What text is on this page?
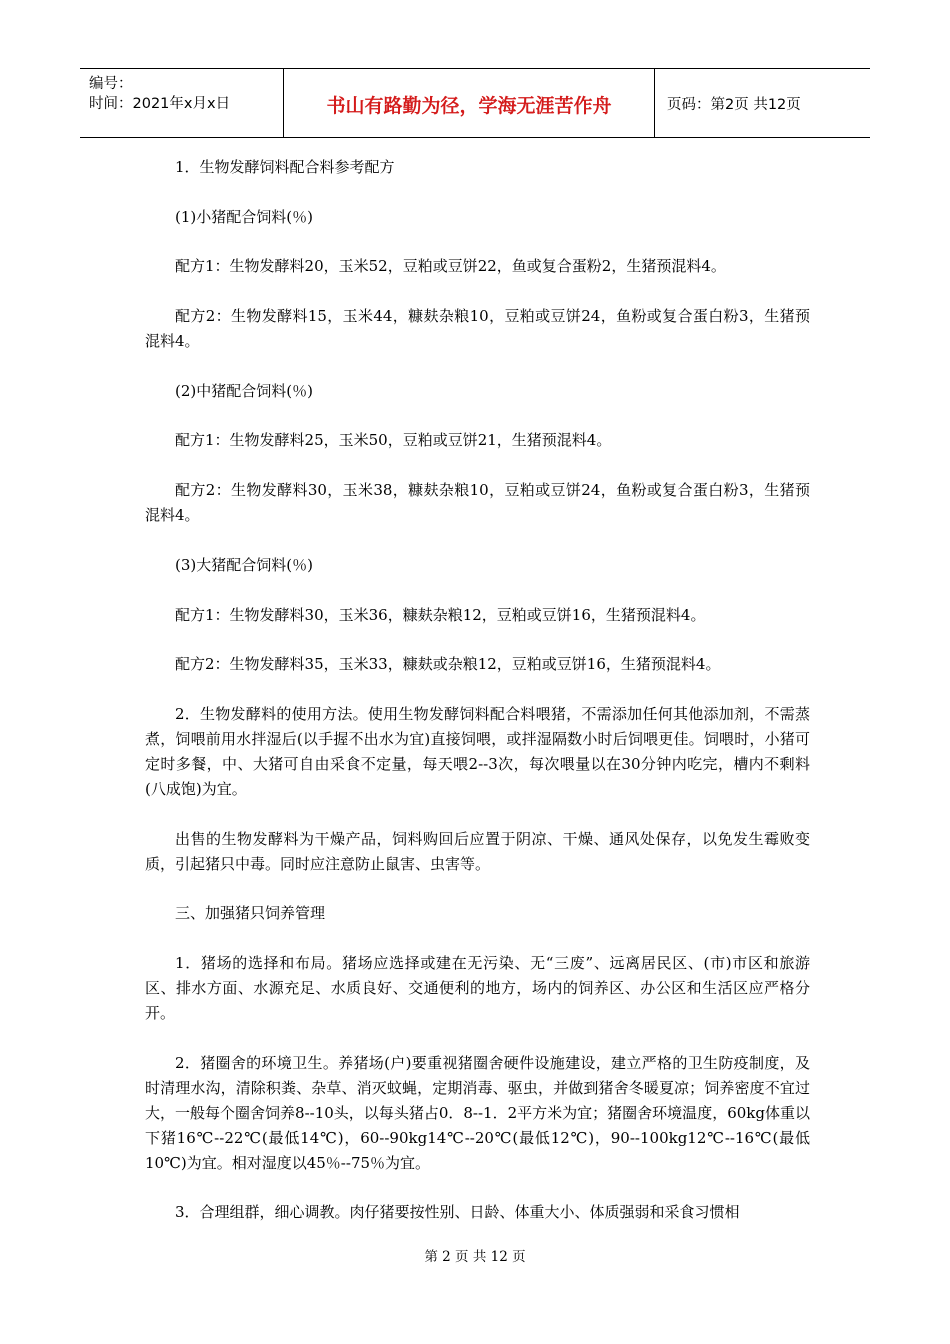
编号：
时间：2021年x月x日	书山有路勤为径，学海无涯苦作舟	页码：第2页 共12页

1．生物发酵饲料配合料参考配方

(1)小猪配合饲料(％)

配方1：生物发酵料20，玉米52，豆粕或豆饼22，鱼或复合蛋粉2，生猪预混料4。

配方2：生物发酵料15，玉米44，糠麸杂粮10，豆粕或豆饼24，鱼粉或复合蛋白粉3，生猪预混料4。

(2)中猪配合饲料(％)

配方1：生物发酵料25，玉米50，豆粕或豆饼21，生猪预混料4。

配方2：生物发酵料30，玉米38，糠麸杂粮10，豆粕或豆饼24，鱼粉或复合蛋白粉3，生猪预混料4。

(3)大猪配合饲料(％)

配方1：生物发酵料30，玉米36，糠麸杂粮12，豆粕或豆饼16，生猪预混料4。

配方2：生物发酵料35，玉米33，糠麸或杂粮12，豆粕或豆饼16，生猪预混料4。

2．生物发酵料的使用方法。使用生物发酵饲料配合料喂猪，不需添加任何其他添加剂，不需蒸煮，饲喂前用水拌湿后(以手握不出水为宜)直接饲喂，或拌湿隔数小时后饲喂更佳。饲喂时，小猪可定时多餐，中、大猪可自由采食不定量，每天喂2--3次，每次喂量以在30分钟内吃完，槽内不剩料(八成饱)为宜。

出售的生物发酵料为干燥产品，饲料购回后应置于阴凉、干燥、通风处保存，以免发生霉败变质，引起猪只中毒。同时应注意防止鼠害、虫害等。

三、加强猪只饲养管理

1．猪场的选择和布局。猪场应选择或建在无污染、无“三废”、远离居民区、(市)市区和旅游区、排水方面、水源充足、水质良好、交通便利的地方，场内的饲养区、办公区和生活区应严格分开。

2．猪圈舍的环境卫生。养猪场(户)要重视猪圈舍硬件设施建设，建立严格的卫生防疫制度，及时清理水沟，清除积粪、杂草、消灭蚊蝇，定期消毒、驱虫，并做到猪舍冬暖夏凉；饲养密度不宜过大，一般每个圈舍饲养8--10头，以每头猪占0．8--1．2平方米为宜；猪圈舍环境温度，60kg体重以下猪16℃--22℃(最低14℃)，60--90kg14℃--20℃(最低12℃)，90--100kg12℃--16℃(最低10℃)为宜。相对湿度以45％--75％为宜。

3．合理组群，细心调教。肉仔猪要按性别、日龄、体重大小、体质强弱和采食习惯相

第 2 页 共 12 页
